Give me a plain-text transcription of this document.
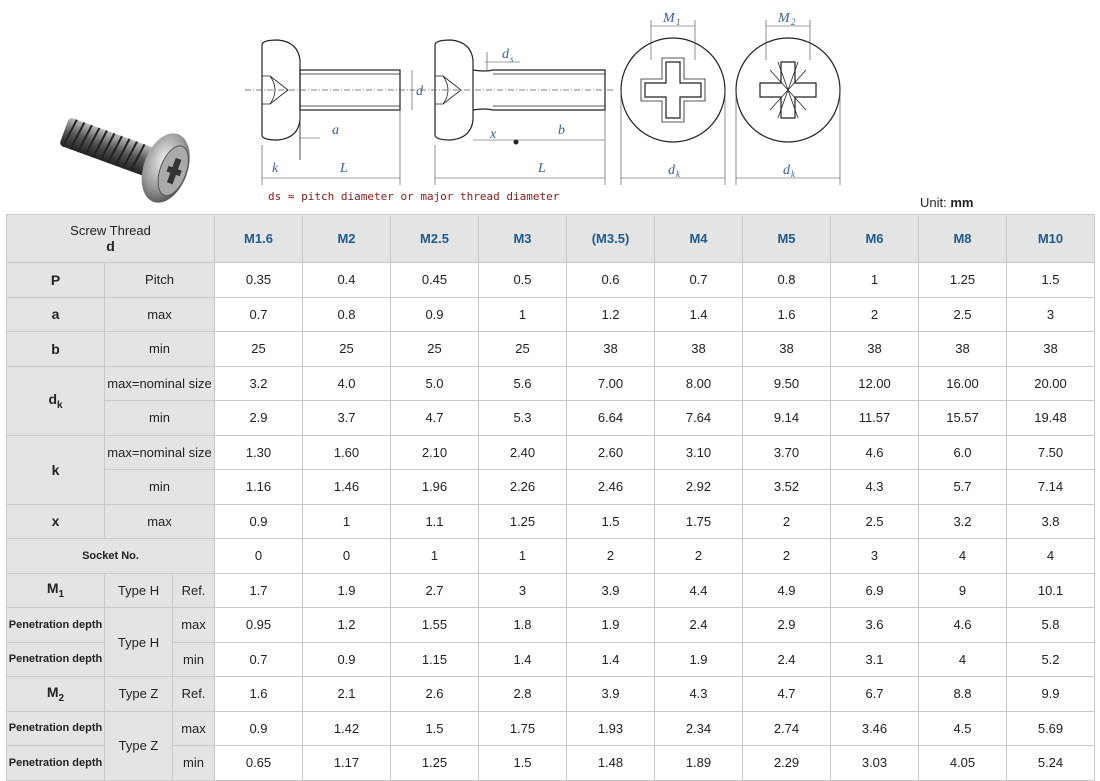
k	L
a
d
d s
x	b
L
M 1
d k
M 2
d k
ds ≈ pitch diameter or major thread diameter	Unit: mm
Screw Thread
d			M1.6	M2	M2.5	M3	(M3.5)	M4	M5	M6	M8	M10
P	Pitch		0.35	0.4	0.45	0.5	0.6	0.7	0.8	1	1.25	1.5
a	max		0.7	0.8	0.9	1	1.2	1.4	1.6	2	2.5	3
b	min		25	25	25	25	38	38	38	38	38	38
$d_k$	max=nominal size		3.2	4.0	5.0	5.6	7.00	8.00	9.50	12.00	16.00	20.00
	min		2.9	3.7	4.7	5.3	6.64	7.64	9.14	11.57	15.57	19.48
k	max=nominal size		1.30	1.60	2.10	2.40	2.60	3.10	3.70	4.6	6.0	7.50
	min		1.16	1.46	1.96	2.26	2.46	2.92	3.52	4.3	5.7	7.14
x	max		0.9	1	1.1	1.25	1.5	1.75	2	2.5	3.2	3.8
Socket No.			0	0	1	1	2	2	2	3	4	4
$M_1$	Type H	Ref.	1.7	1.9	2.7	3	3.9	4.4	4.9	6.9	9	10.1
Penetration depth	Type H	max	0.95	1.2	1.55	1.8	1.9	2.4	2.9	3.6	4.6	5.8
Penetration depth		min	0.7	0.9	1.15	1.4	1.4	1.9	2.4	3.1	4	5.2
$M_2$	Type Z	Ref.	1.6	2.1	2.6	2.8	3.9	4.3	4.7	6.7	8.8	9.9
Penetration depth	Type Z	max	0.9	1.42	1.5	1.75	1.93	2.34	2.74	3.46	4.5	5.69
Penetration depth		min	0.65	1.17	1.25	1.5	1.48	1.89	2.29	3.03	4.05	5.24
